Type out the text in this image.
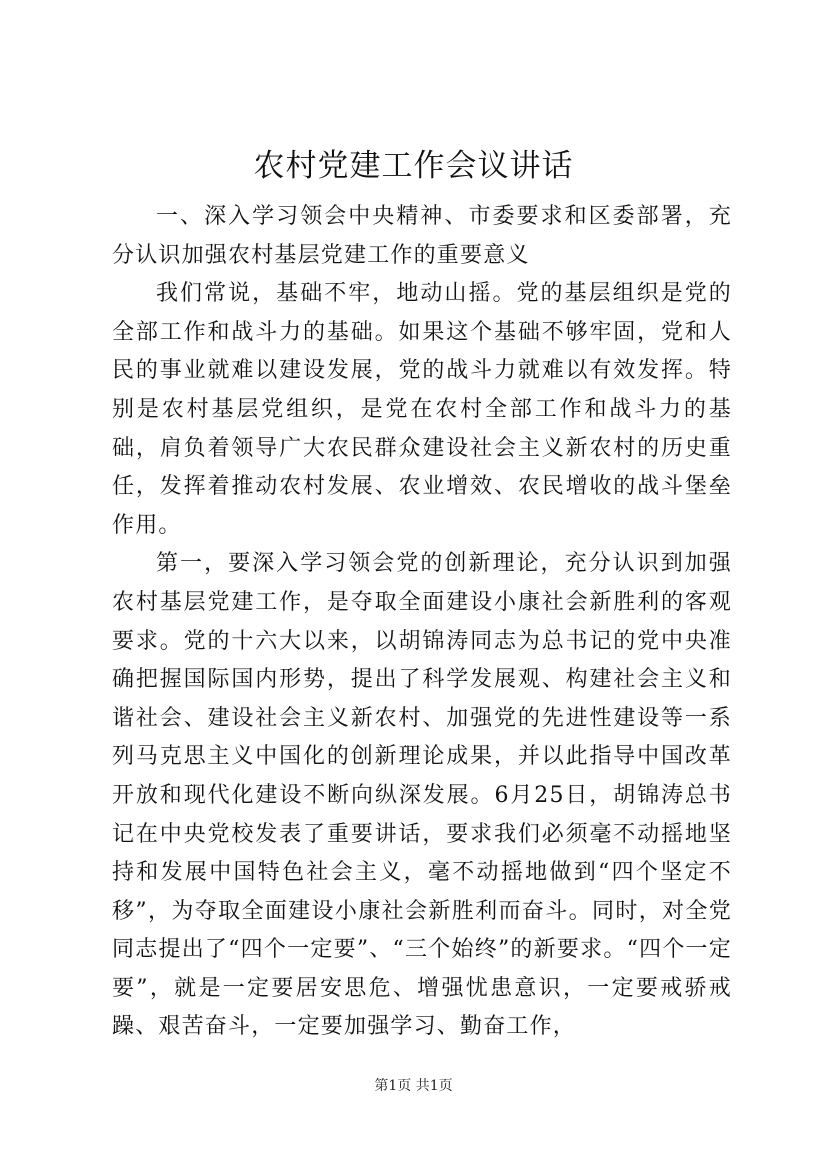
农村党建工作会议讲话

一、深入学习领会中央精神、市委要求和区委部署，充分认识加强农村基层党建工作的重要意义

我们常说，基础不牢，地动山摇。党的基层组织是党的全部工作和战斗力的基础。如果这个基础不够牢固，党和人民的事业就难以建设发展，党的战斗力就难以有效发挥。特别是农村基层党组织，是党在农村全部工作和战斗力的基础，肩负着领导广大农民群众建设社会主义新农村的历史重任，发挥着推动农村发展、农业增效、农民增收的战斗堡垒作用。

第一，要深入学习领会党的创新理论，充分认识到加强农村基层党建工作，是夺取全面建设小康社会新胜利的客观要求。党的十六大以来，以胡锦涛同志为总书记的党中央准确把握国际国内形势，提出了科学发展观、构建社会主义和谐社会、建设社会主义新农村、加强党的先进性建设等一系列马克思主义中国化的创新理论成果，并以此指导中国改革开放和现代化建设不断向纵深发展。6月25日，胡锦涛总书记在中央党校发表了重要讲话，要求我们必须毫不动摇地坚持和发展中国特色社会主义，毫不动摇地做到“四个坚定不移”，为夺取全面建设小康社会新胜利而奋斗。同时，对全党同志提出了“四个一定要”、“三个始终”的新要求。“四个一定要”，就是一定要居安思危、增强忧患意识，一定要戒骄戒躁、艰苦奋斗，一定要加强学习、勤奋工作，

第1页 共1页
